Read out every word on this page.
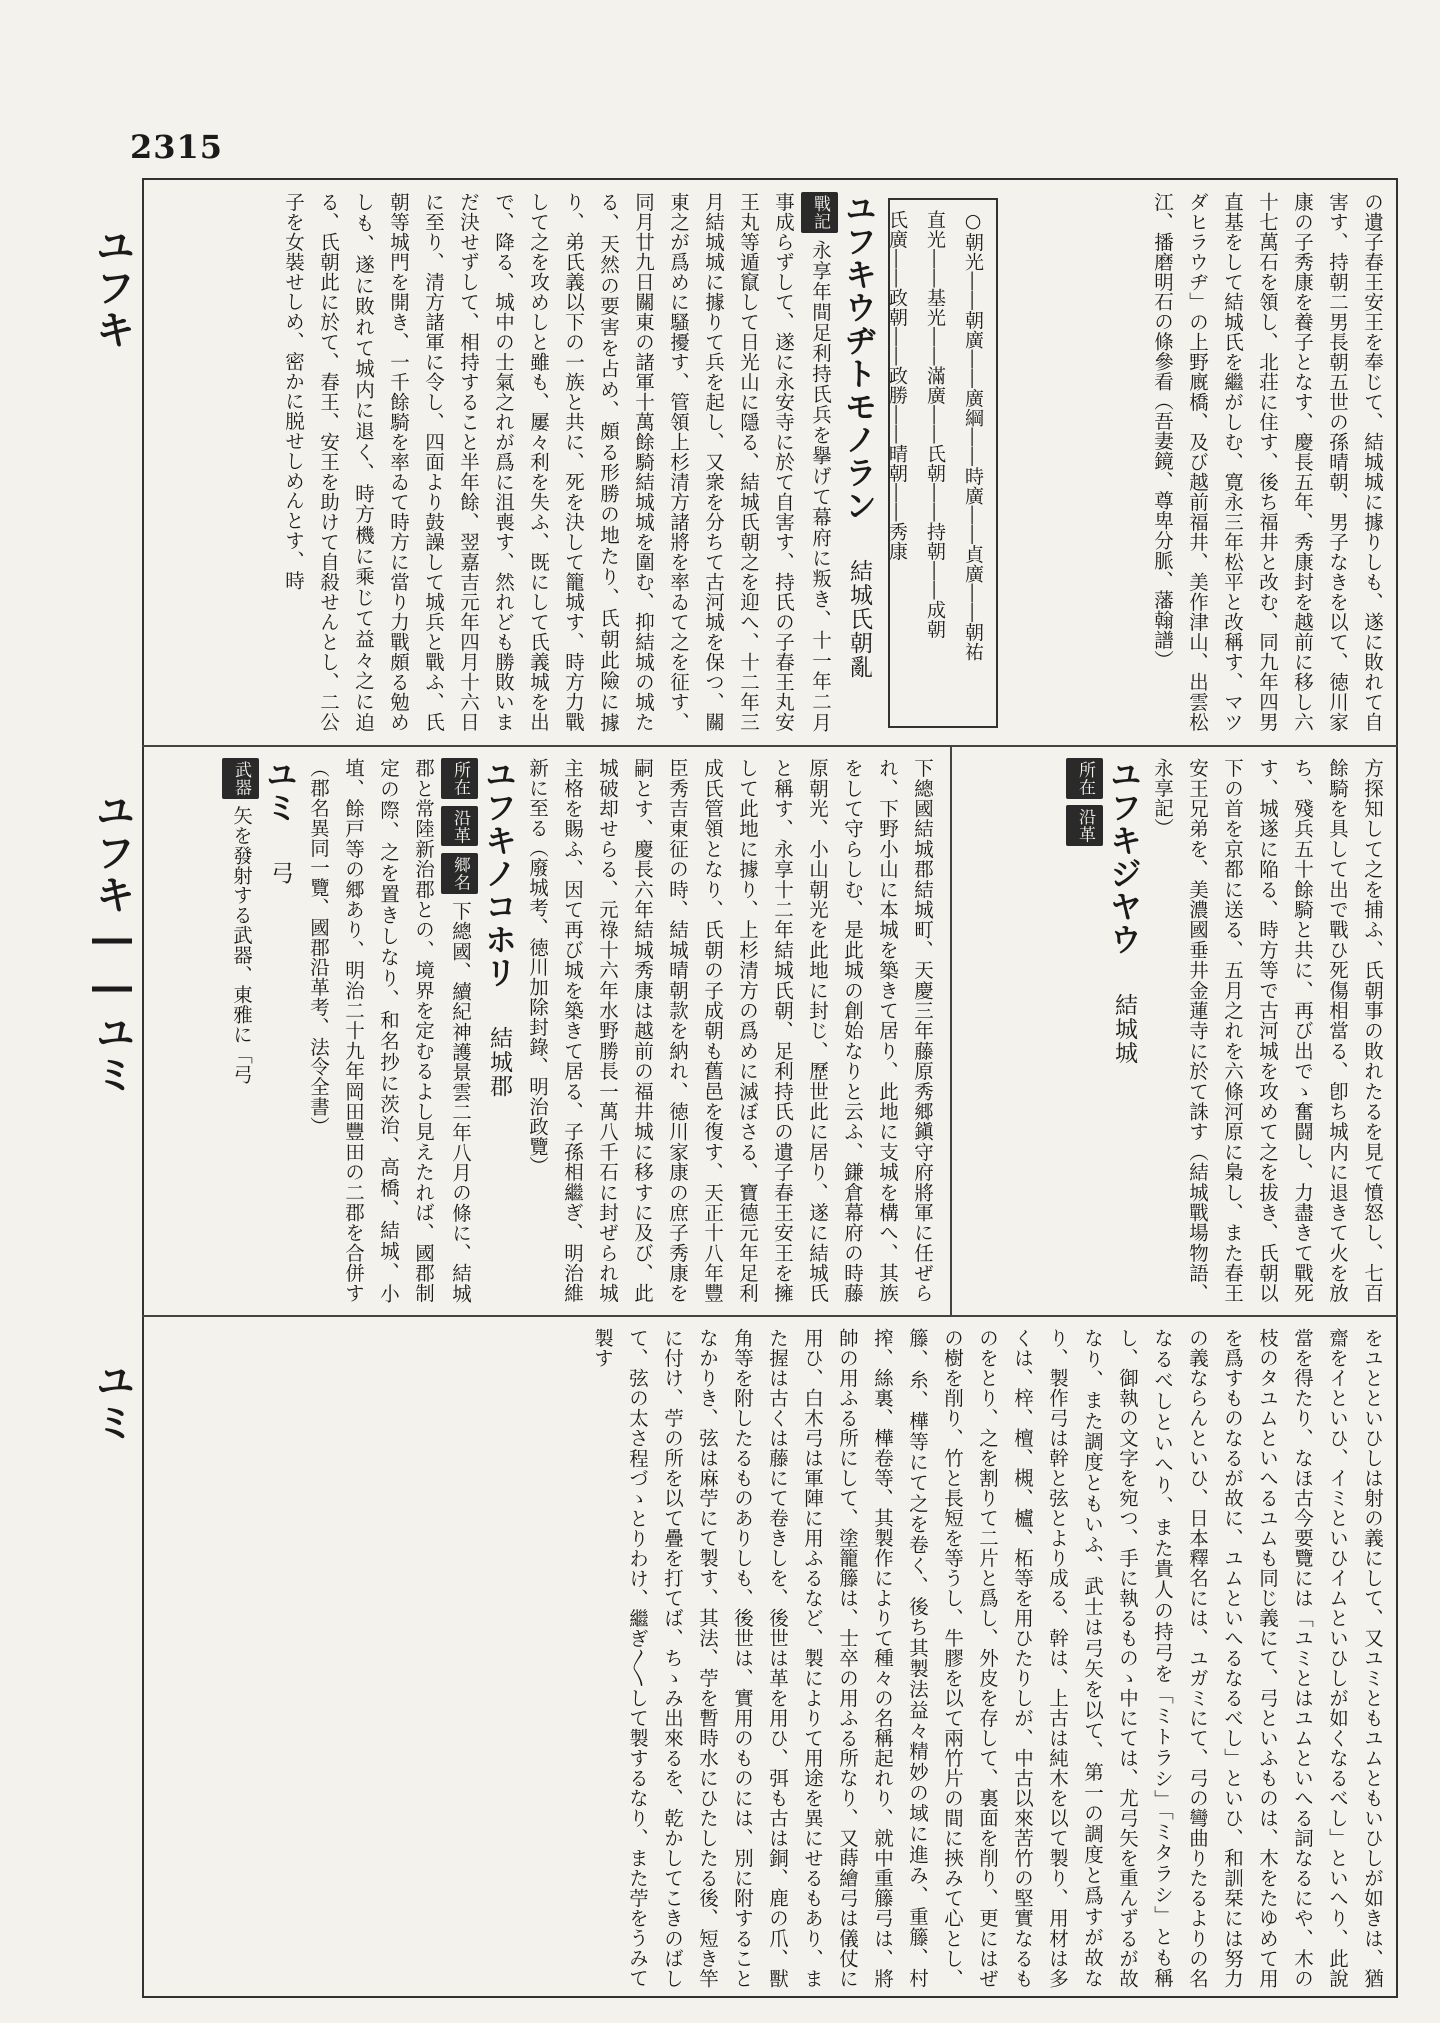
2315
ユフキ
ユフキ――ユミ
ユミ

の遺子春王安王を奉じて、結城城に據りしも、遂に敗れて自害す、持朝二男長朝五世の孫晴朝、男子なきを以て、徳川家康の子秀康を養子となす、慶長五年、秀康封を越前に移し六十七萬石を領し、北荘に住す、後ち福井と改む、同九年四男直基をして結城氏を繼がしむ、寛永三年松平と改稱す、マツダヒラウヂ」の上野廐橋、及び越前福井、美作津山、出雲松江、播磨明石の條參看（吾妻鏡、尊卑分脈、藩翰譜）

○朝光――朝廣――廣綱――時廣――貞廣――朝祐

直光――基光――滿廣――氏朝――持朝――成朝

氏廣――政朝――政勝――晴朝――秀康

ユフキウヂトモノラン 結城氏朝亂

戰記 永享年間足利持氏兵を擧げて幕府に叛き、十一年二月事成らずして、遂に永安寺に於て自害す、持氏の子春王丸安王丸等遁竄して日光山に隱る、結城氏朝之を迎へ、十二年三月結城城に據りて兵を起し、又衆を分ちて古河城を保つ、關東之が爲めに騷擾す、管領上杉清方諸將を率ゐて之を征す、同月廿九日關東の諸軍十萬餘騎結城城を圍む、抑結城の城たる、天然の要害を占め、頗る形勝の地たり、氏朝此險に據り、弟氏義以下の一族と共に、死を決して籠城す、時方力戰して之を攻めしと雖も、屢々利を失ふ、既にして氏義城を出で、降る、城中の士氣之れが爲に沮喪す、然れども勝敗いまだ決せずして、相持すること半年餘、翌嘉吉元年四月十六日に至り、清方諸軍に令し、四面より鼓譟して城兵と戰ふ、氏朝等城門を開き、一千餘騎を率ゐて時方に當り力戰頗る勉めしも、遂に敗れて城内に退く、時方機に乘じて益々之に迫る、氏朝此に於て、春王、安王を助けて自殺せんとし、二公子を女裝せしめ、密かに脱せしめんとす、時

方探知して之を捕ふ、氏朝事の敗れたるを見て憤怒し、七百餘騎を具して出で戰ひ死傷相當る、卽ち城内に退きて火を放ち、殘兵五十餘騎と共に、再び出でゝ奮闘し、力盡きて戰死す、城遂に陥る、時方等で古河城を攻めて之を拔き、氏朝以下の首を京都に送る、五月之れを六條河原に梟し、また春王安王兄弟を、美濃國垂井金蓮寺に於て誅す（結城戰場物語、永享記）

ユフキジヤウ 結城城

所在 沿革

下總國結城郡結城町、天慶三年藤原秀郷鎭守府將軍に任ぜられ、下野小山に本城を築きて居り、此地に支城を構へ、其族をして守らしむ、是此城の創始なりと云ふ、鎌倉幕府の時藤原朝光、小山朝光を此地に封じ、歷世此に居り、遂に結城氏と稱す、永享十二年結城氏朝、足利持氏の遺子春王安王を擁して此地に據り、上杉清方の爲めに滅ぼさる、寶德元年足利成氏管領となり、氏朝の子成朝も舊邑を復す、天正十八年豐臣秀吉東征の時、結城晴朝款を納れ、徳川家康の庶子秀康を嗣とす、慶長六年結城秀康は越前の福井城に移すに及び、此城破却せらる、元祿十六年水野勝長一萬八千石に封ぜられ城主格を賜ふ、因て再び城を築きて居る、子孫相繼ぎ、明治維新に至る（廢城考、徳川加除封錄、明治政覽）

ユフキノコホリ 結城郡

所在 沿革 郷名 下總國、續紀神護景雲二年八月の條に、結城郡と常陸新治郡との、境界を定むるよし見えたれば、國郡制定の際、之を置きしなり、和名抄に茨治、高橋、結城、小埴、餘戸等の郷あり、明治二十九年岡田豐田の二郡を合併す（郡名異同一覽、國郡沿革考、法令全書）

ユミ 弓

武器 矢を發射する武器、東雅に「弓

をユとといひしは射の義にして、又ユミともユムともいひしが如きは、猶齋をイといひ、イミといひイムといひしが如くなるべし」といへり、此說當を得たり、なほ古今要覽には「ユミとはユムといへる詞なるにや、木の枝のタユムといへるユムも同じ義にて、弓といふものは、木をたゆめて用を爲すものなるが故に、ユムといへるなるべし」といひ、和訓栞には努力の義ならんといひ、日本釋名には、ユガミにて、弓の彎曲りたるよりの名なるべしといへり、また貴人の持弓を「ミトラシ」「ミタラシ」とも稱し、御執の文字を宛つ、手に執るものゝ中にては、尤弓矢を重んずるが故なり、また調度ともいふ、武士は弓矢を以て、第一の調度と爲すが故なり、製作弓は幹と弦とより成る、幹は、上古は純木を以て製り、用材は多くは、梓、檀、槻、櫨、柘等を用ひたりしが、中古以來苦竹の堅實なるものをとり、之を割りて二片と爲し、外皮を存して、裏面を削り、更にはぜの樹を削り、竹と長短を等うし、牛膠を以て兩竹片の間に挾みて心とし、籐、糸、樺等にて之を卷く、後ち其製法益々精妙の域に進み、重籐、村搾、絲裏、樺卷等、其製作によりて種々の名稱起れり、就中重籐弓は、將帥の用ふる所にして、塗籠籐は、士卒の用ふる所なり、又蒔繪弓は儀仗に用ひ、白木弓は軍陣に用ふるなど、製によりて用途を異にせるもあり、また握は古くは藤にて卷きしを、後世は革を用ひ、弭も古は銅、鹿の爪、獸角等を附したるものありしも、後世は、實用のものには、別に附することなかりき、弦は麻苧にて製す、其法、苧を暫時水にひたしたる後、短き竿に付け、苧の所を以て疊を打てば、ちゝみ出來るを、乾かしてこきのばして、弦の太さ程づゝとりわけ、繼ぎ〳〵して製するなり、また苧をうみて製す
